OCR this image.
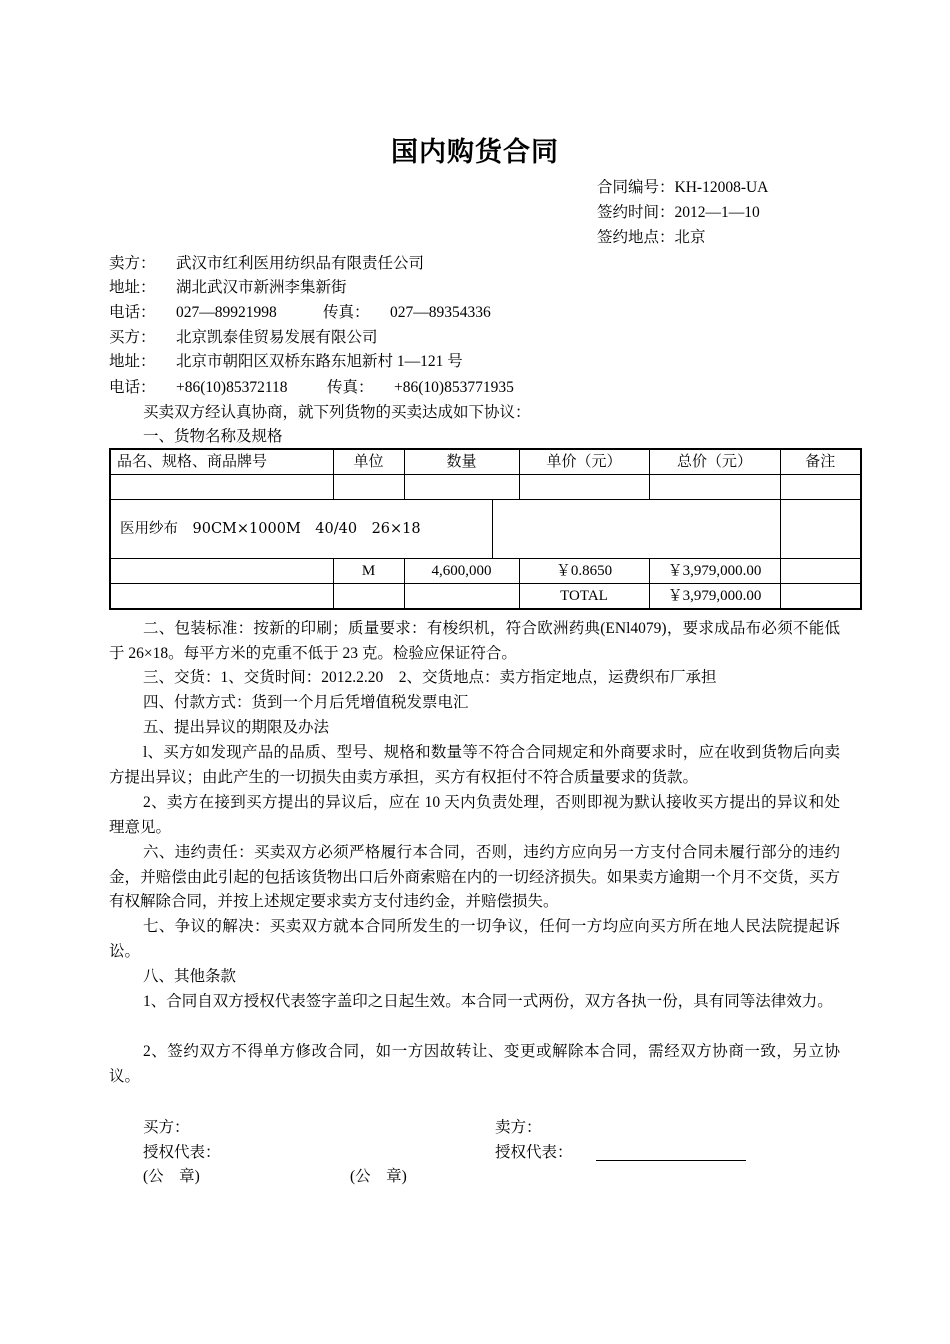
国内购货合同
合同编号：KH-12008-UA
签约时间：2012—1—10
签约地点：北京
卖方： 武汉市红利医用纺织品有限责任公司
地址： 湖北武汉市新洲李集新街
电话： 027—89921998	传真： 027—89354336
买方： 北京凯泰佳贸易发展有限公司
地址： 北京市朝阳区双桥东路东旭新村 1—121 号
电话： +86(10)85372118	传真： +86(10)853771935
买卖双方经认真协商，就下列货物的买卖达成如下协议：
一、货物名称及规格
品名、规格、商品牌号	单位	数量	单价（元）	总价（元）	备注

医用纱布　90CM×1000M　40/40　26×18					

	M	4,600,000	￥0.8650	￥3,979,000.00	
			TOTAL	￥3,979,000.00	
二、包装标准：按新的印刷；质量要求：有梭织机，符合欧洲药典(ENl4079)，要求成品布必须不能低于 26×18。每平方米的克重不低于 23 克。检验应保证符合。
三、交货：1、交货时间：2012.2.20　2、交货地点：卖方指定地点，运费织布厂承担
四、付款方式：货到一个月后凭增值税发票电汇
五、提出异议的期限及办法
l、买方如发现产品的品质、型号、规格和数量等不符合合同规定和外商要求时，应在收到货物后向卖方提出异议；由此产生的一切损失由卖方承担，买方有权拒付不符合质量要求的货款。
2、卖方在接到买方提出的异议后，应在 10 天内负责处理，否则即视为默认接收买方提出的异议和处理意见。
六、违约责任：买卖双方必须严格履行本合同，否则，违约方应向另一方支付合同未履行部分的违约金，并赔偿由此引起的包括该货物出口后外商索赔在内的一切经济损失。如果卖方逾期一个月不交货，买方有权解除合同，并按上述规定要求卖方支付违约金，并赔偿损失。
七、争议的解决：买卖双方就本合同所发生的一切争议，任何一方均应向买方所在地人民法院提起诉讼。
八、其他条款
1、合同自双方授权代表签字盖印之日起生效。本合同一式两份，双方各执一份，具有同等法律效力。
2、签约双方不得单方修改合同，如一方因故转让、变更或解除本合同，需经双方协商一致，另立协议。
买方：	卖方：
授权代表：	授权代表：
(公　章)	(公　章)
